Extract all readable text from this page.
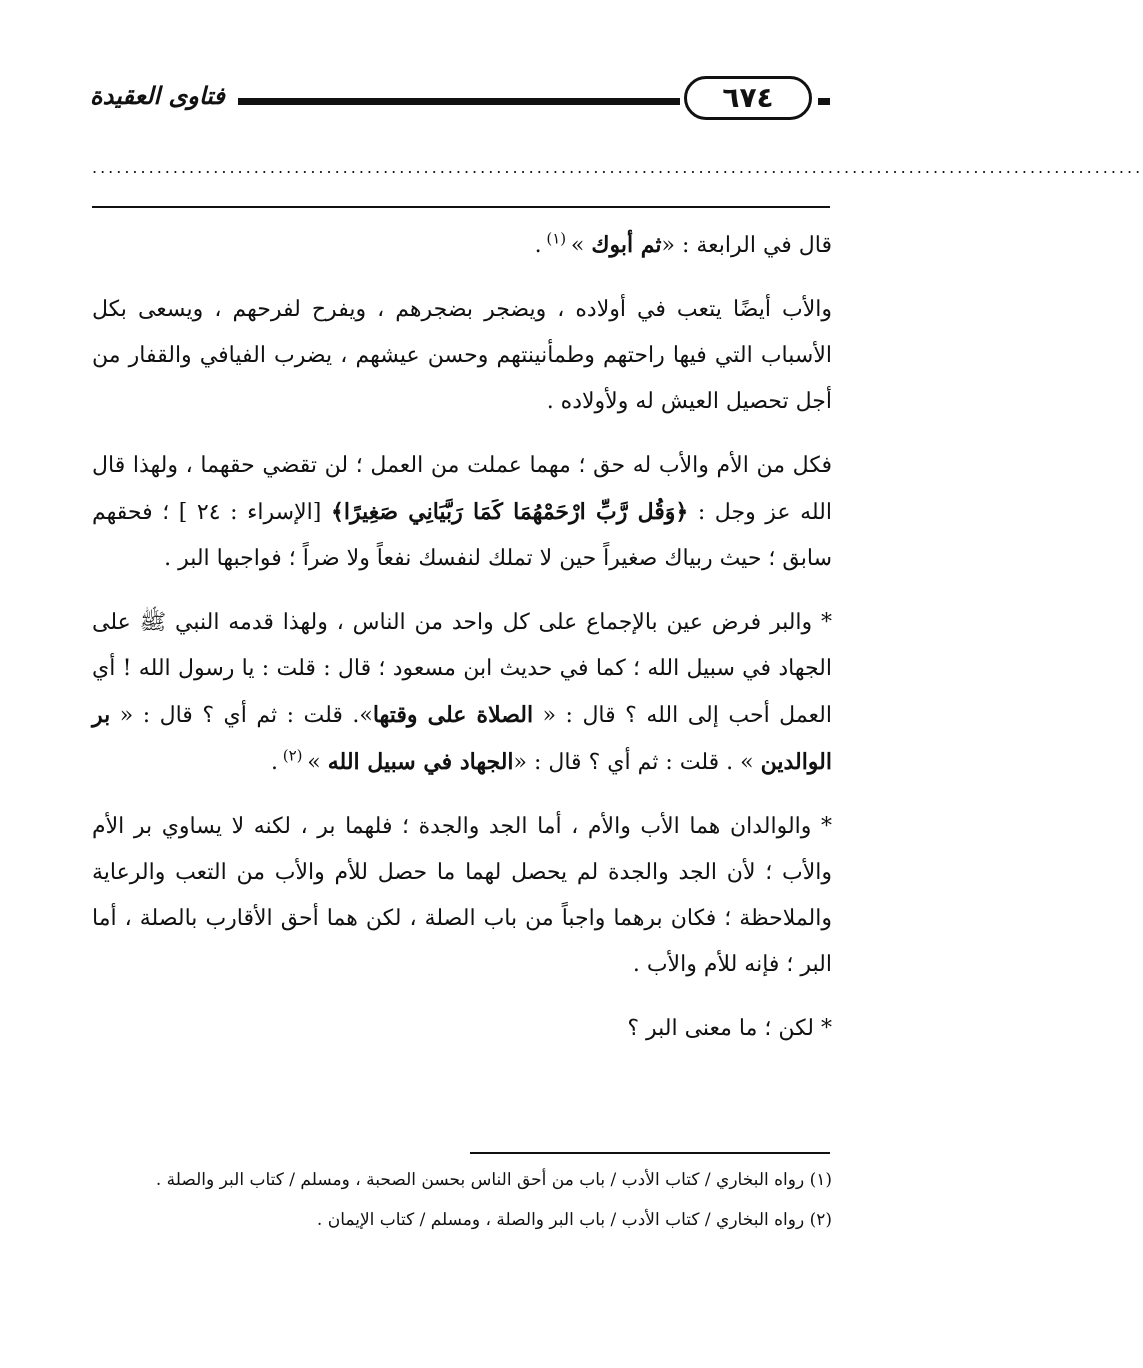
فتاوى العقيدة	٦٧٤
..................................................................................................................................

قال في الرابعة : «ثم أبوك » $^{(١)}$ .

والأب أيضًا يتعب في أولاده ، ويضجر بضجرهم ، ويفرح لفرحهم ، ويسعى بكل الأسباب التي فيها راحتهم وطمأنينتهم وحسن عيشهم ، يضرب الفيافي والقفار من أجل تحصيل العيش له ولأولاده .

فكل من الأم والأب له حق ؛ مهما عملت من العمل ؛ لن تقضي حقهما ، ولهذا قال الله عز وجل : ﴿وَقُل رَّبِّ ارْحَمْهُمَا كَمَا رَبَّيَانِي صَغِيرًا﴾ [الإسراء : ٢٤ ] ؛ فحقهم سابق ؛ حيث ربياك صغيراً حين لا تملك لنفسك نفعاً ولا ضراً ؛ فواجبها البر .

* والبر فرض عين بالإجماع على كل واحد من الناس ، ولهذا قدمه النبي ﷺ على الجهاد في سبيل الله ؛ كما في حديث ابن مسعود ؛ قال : قلت : يا رسول الله ! أي العمل أحب إلى الله ؟ قال : « الصلاة على وقتها». قلت : ثم أي ؟ قال : « بر الوالدين » . قلت : ثم أي ؟ قال : «الجهاد في سبيل الله » $^{(٢)}$ .

* والوالدان هما الأب والأم ، أما الجد والجدة ؛ فلهما بر ، لكنه لا يساوي بر الأم والأب ؛ لأن الجد والجدة لم يحصل لهما ما حصل للأم والأب من التعب والرعاية والملاحظة ؛ فكان برهما واجباً من باب الصلة ، لكن هما أحق الأقارب بالصلة ، أما البر ؛ فإنه للأم والأب .

* لكن ؛ ما معنى البر ؟

(١) رواه البخاري / كتاب الأدب / باب من أحق الناس بحسن الصحبة ، ومسلم / كتاب البر والصلة .

(٢) رواه البخاري / كتاب الأدب / باب البر والصلة ، ومسلم / كتاب الإيمان .
